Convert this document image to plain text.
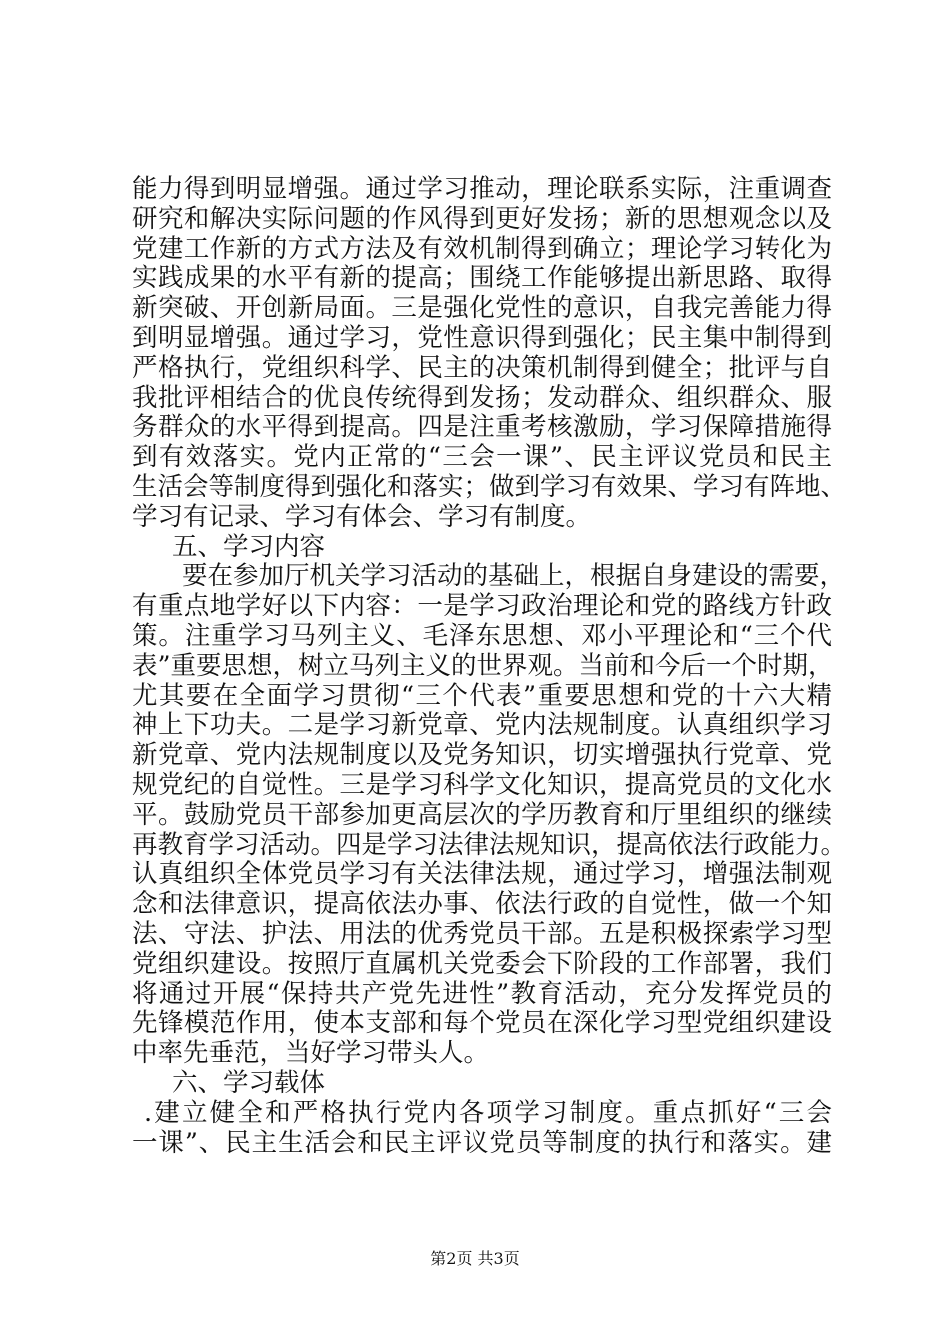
能力得到明显增强。通过学习推动，理论联系实际，注重调查
研究和解决实际问题的作风得到更好发扬；新的思想观念以及
党建工作新的方式方法及有效机制得到确立；理论学习转化为
实践成果的水平有新的提高；围绕工作能够提出新思路、取得
新突破、开创新局面。三是强化党性的意识，自我完善能力得
到明显增强。通过学习，党性意识得到强化；民主集中制得到
严格执行，党组织科学、民主的决策机制得到健全；批评与自
我批评相结合的优良传统得到发扬；发动群众、组织群众、服
务群众的水平得到提高。四是注重考核激励，学习保障措施得
到有效落实。党内正常的“三会一课”、民主评议党员和民主
生活会等制度得到强化和落实；做到学习有效果、学习有阵地、
学习有记录、学习有体会、学习有制度。
五、学习内容
要在参加厅机关学习活动的基础上，根据自身建设的需要，
有重点地学好以下内容：一是学习政治理论和党的路线方针政
策。注重学习马列主义、毛泽东思想、邓小平理论和“三个代
表”重要思想，树立马列主义的世界观。当前和今后一个时期，
尤其要在全面学习贯彻“三个代表”重要思想和党的十六大精
神上下功夫。二是学习新党章、党内法规制度。认真组织学习
新党章、党内法规制度以及党务知识，切实增强执行党章、党
规党纪的自觉性。三是学习科学文化知识，提高党员的文化水
平。鼓励党员干部参加更高层次的学历教育和厅里组织的继续
再教育学习活动。四是学习法律法规知识，提高依法行政能力。
认真组织全体党员学习有关法律法规，通过学习，增强法制观
念和法律意识，提高依法办事、依法行政的自觉性，做一个知
法、守法、护法、用法的优秀党员干部。五是积极探索学习型
党组织建设。按照厅直属机关党委会下阶段的工作部署，我们
将通过开展“保持共产党先进性”教育活动，充分发挥党员的
先锋模范作用，使本支部和每个党员在深化学习型党组织建设
中率先垂范，当好学习带头人。
六、学习载体
.建立健全和严格执行党内各项学习制度。重点抓好“三会
一课”、民主生活会和民主评议党员等制度的执行和落实。建
第2页 共3页
